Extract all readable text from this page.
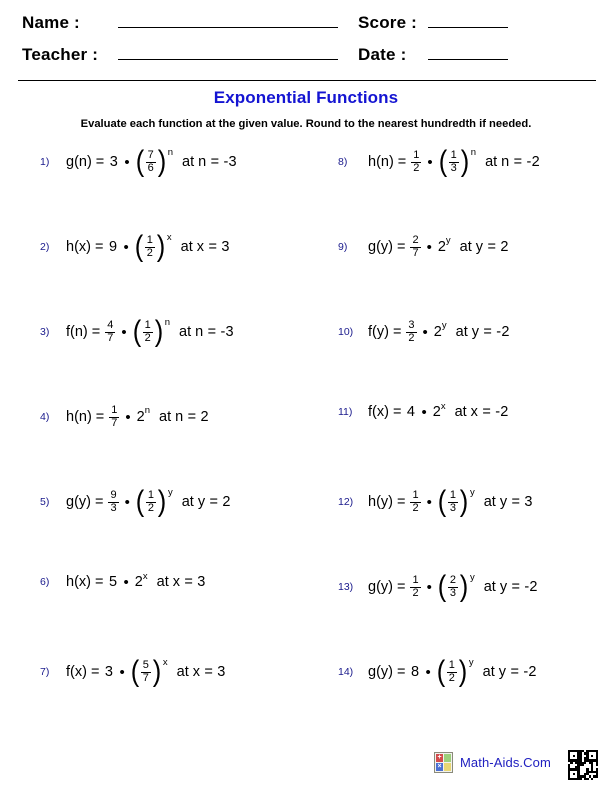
Name :	Score :
Teacher :	Date :
Exponential Functions
Evaluate each function at the given value. Round to the nearest hundredth if needed.
1)	g(n) = 3 • ( $\frac{7}{6}$ ) n
at n = -3
2)	h(x) = 9 • ( $\frac{1}{2}$ ) x
at x = 3
3)	$f(n) = \frac{4}{7}$ • ( $\frac{1}{2}$ ) n
at n = -3
4)	$h(n) = \frac{1}{7}$ • 2 n at n = 2
5)	$g(y) = \frac{9}{3}$ • ( $\frac{1}{2}$ ) y
at y = 2
6)	h(x) = 5 • 2 x at x = 3
7)	f(x) = 3 • ( $\frac{5}{7}$ ) x
at x = 3
8)	$h(n) = \frac{1}{2}$ • ( $\frac{1}{3}$ ) n
at n = -2
9)	$g(y) = \frac{2}{7}$ • 2 y at y = 2
10)	$f(y) = \frac{3}{2}$ • 2 y at y = -2
11)	f(x) = 4 • 2 x at x = -2
12)	$h(y) = \frac{1}{2}$ • ( $\frac{1}{3}$ ) y
at y = 3
13)	$g(y) = \frac{1}{2}$ • ( $\frac{2}{3}$ ) y
at y = -2
14)	g(y) = 8 • ( $\frac{1}{2}$ ) y
at y = -2
+
× Math-Aids.Com
